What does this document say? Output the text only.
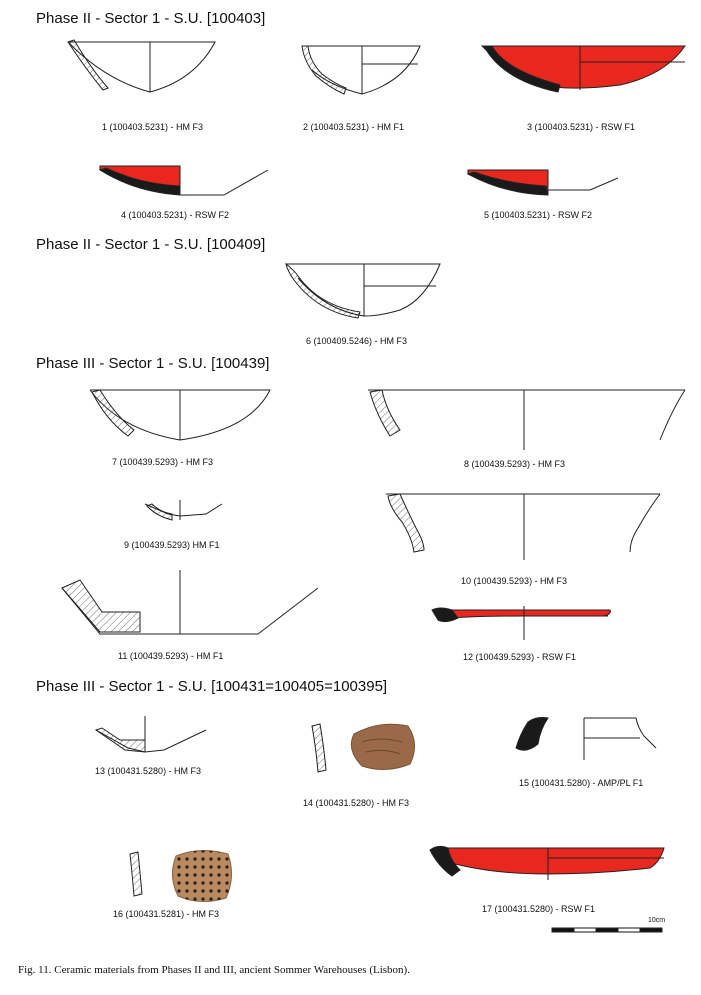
Phase II - Sector 1 - S.U. [100403]
Phase II - Sector 1 - S.U. [100409]
Phase III - Sector 1 - S.U. [100439]
Phase III - Sector 1 - S.U. [100431=100405=100395]
1 (100403.5231) - HM F3	2 (100403.5231) - HM F1	3 (100403.5231) - RSW F1
4 (100403.5231) - RSW F2	5 (100403.5231) - RSW F2
6 (100409.5246) - HM F3
7 (100439.5293) - HM F3	8 (100439.5293) - HM F3
9 (100439.5293) HM F1
10 (100439.5293) - HM F3
11 (100439.5293) - HM F1	12 (100439.5293) - RSW F1
13 (100431.5280) - HM F3
14 (100431.5280) - HM F3
15 (100431.5280) - AMP/PL F1
16 (100431.5281) - HM F3	17 (100431.5280) - RSW F1
10cm
Fig. 11. Ceramic materials from Phases II and III, ancient Sommer Warehouses (Lisbon).
